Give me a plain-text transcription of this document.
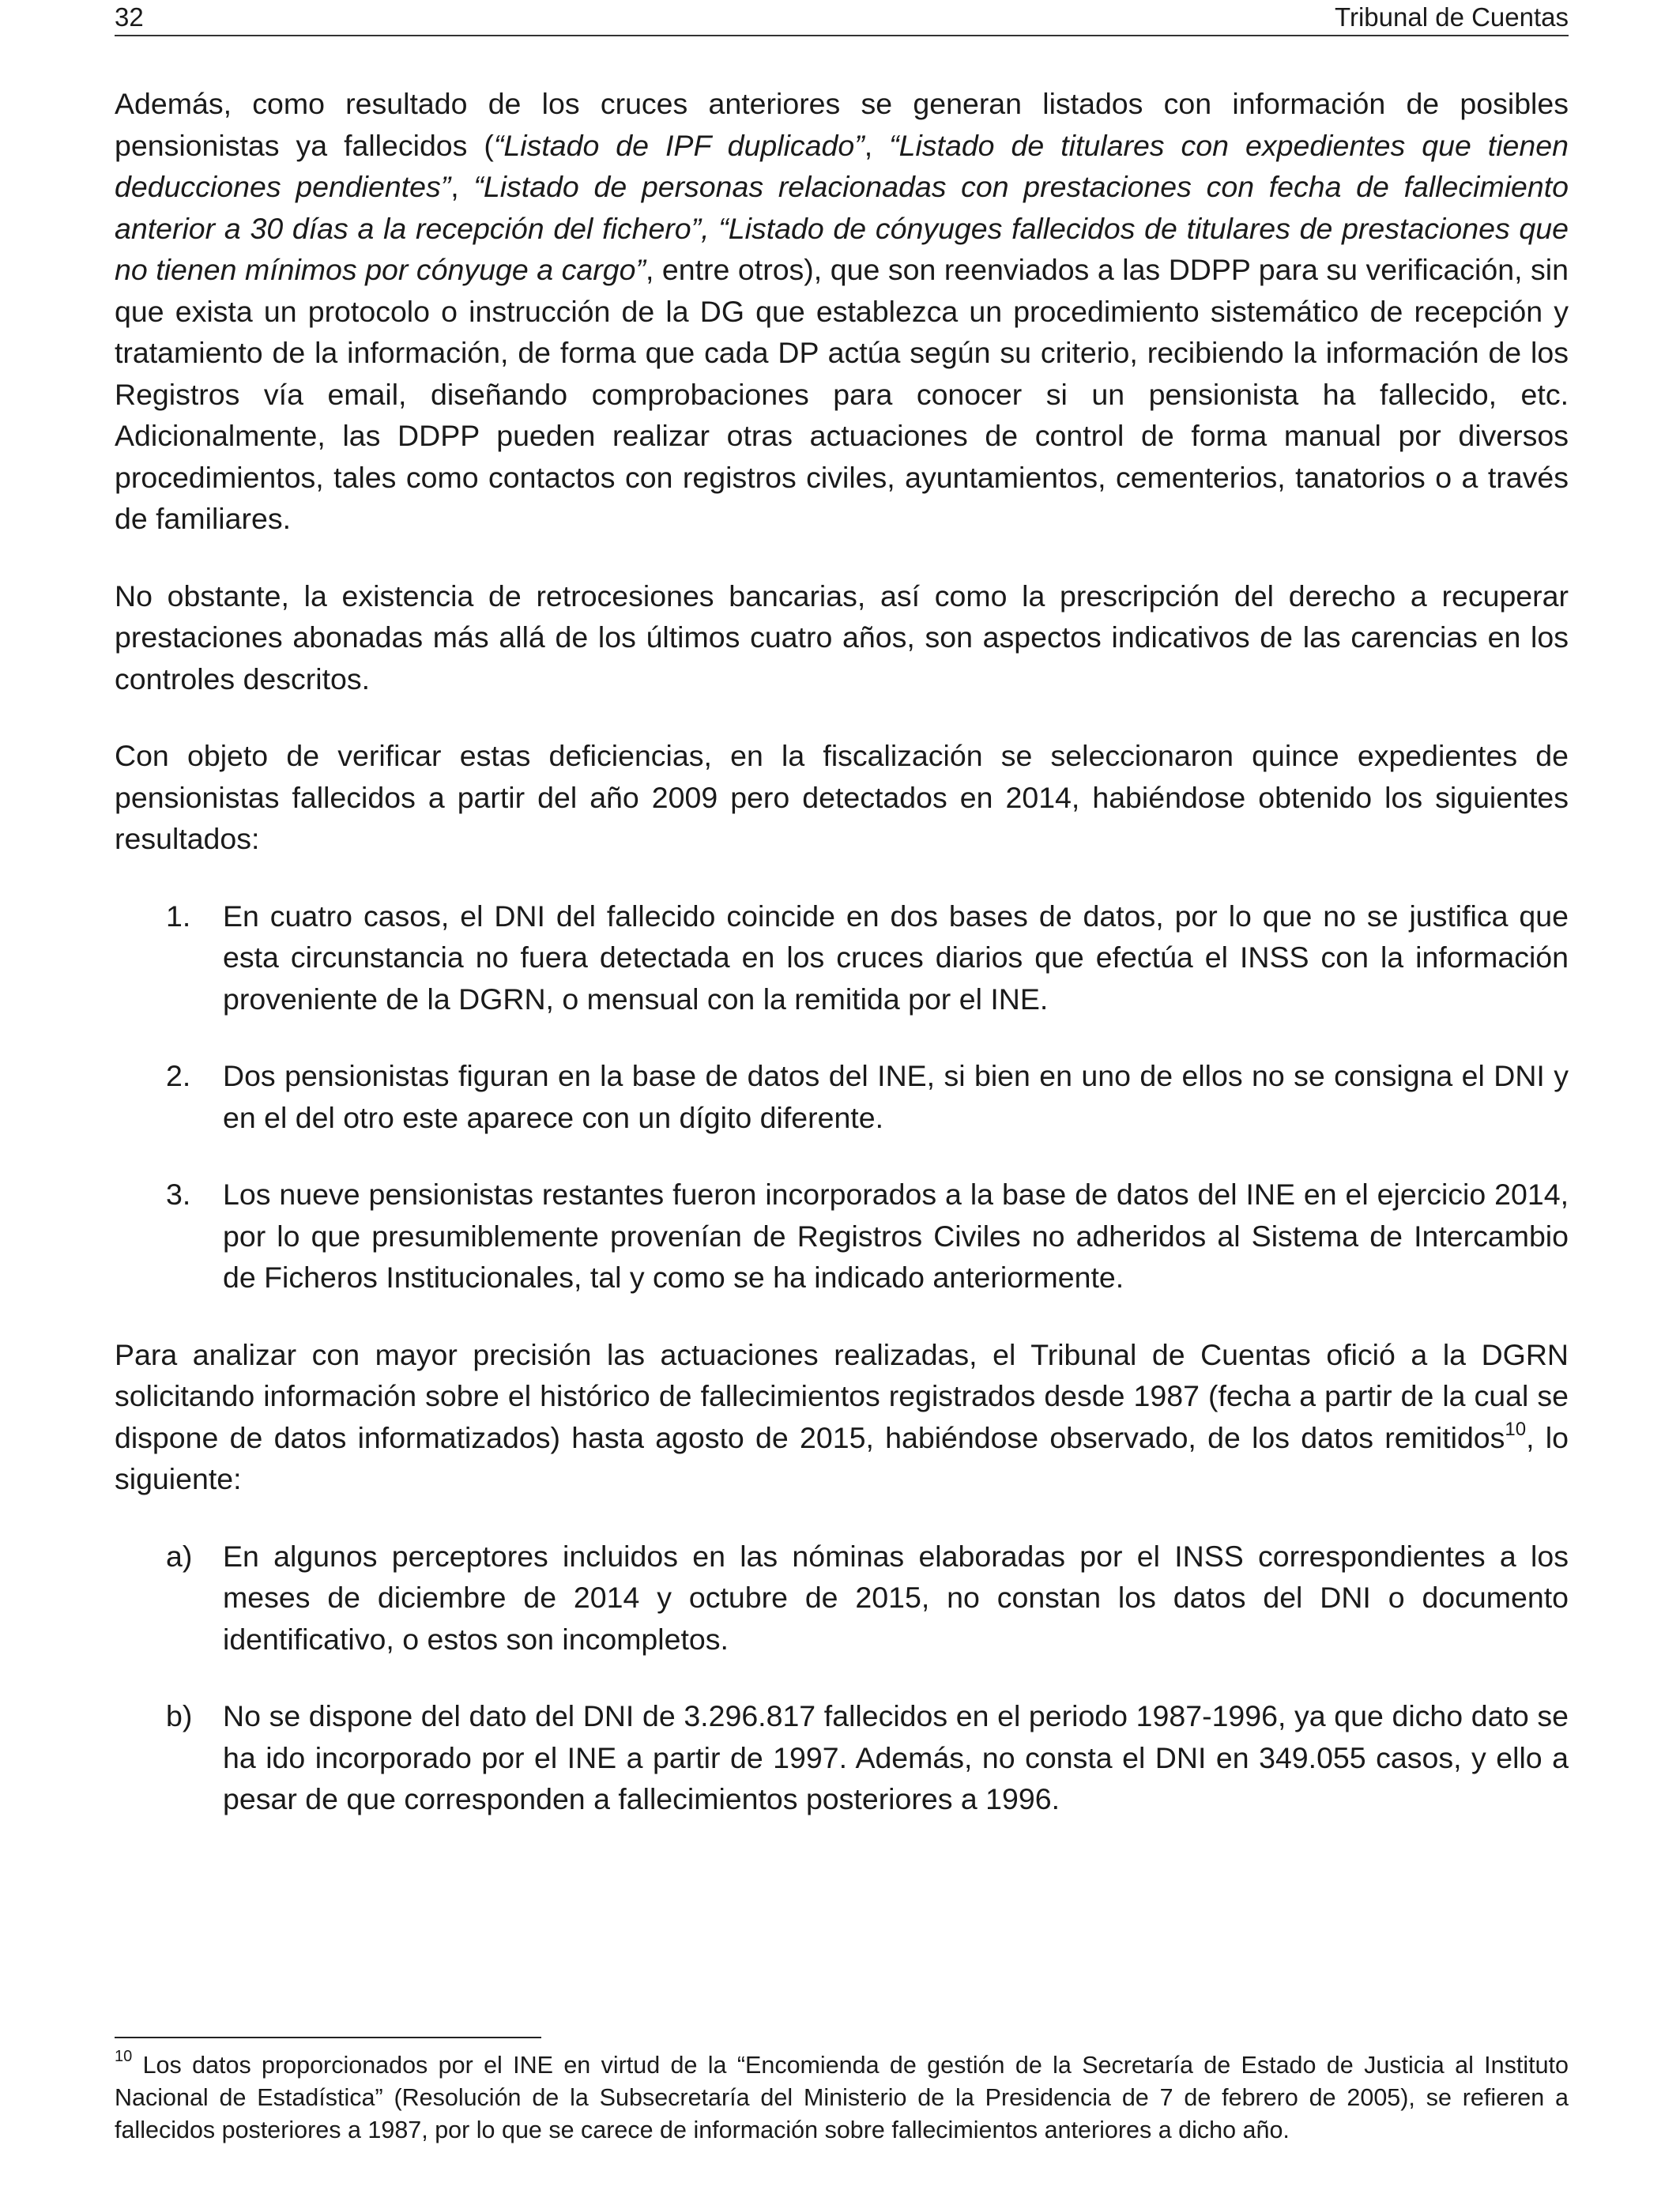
32	Tribunal de Cuentas

Además, como resultado de los cruces anteriores se generan listados con información de posibles pensionistas ya fallecidos (“Listado de IPF duplicado”, “Listado de titulares con expedientes que tienen deducciones pendientes”, “Listado de personas relacionadas con prestaciones con fecha de fallecimiento anterior a 30 días a la recepción del fichero”, “Listado de cónyuges fallecidos de titulares de prestaciones que no tienen mínimos por cónyuge a cargo”, entre otros), que son reenviados a las DDPP para su verificación, sin que exista un protocolo o instrucción de la DG que establezca un procedimiento sistemático de recepción y tratamiento de la información, de forma que cada DP actúa según su criterio, recibiendo la información de los Registros vía email, diseñando comprobaciones para conocer si un pensionista ha fallecido, etc. Adicionalmente, las DDPP pueden realizar otras actuaciones de control de forma manual por diversos procedimientos, tales como contactos con registros civiles, ayuntamientos, cementerios, tanatorios o a través de familiares.

No obstante, la existencia de retrocesiones bancarias, así como la prescripción del derecho a recuperar prestaciones abonadas más allá de los últimos cuatro años, son aspectos indicativos de las carencias en los controles descritos.

Con objeto de verificar estas deficiencias, en la fiscalización se seleccionaron quince expedientes de pensionistas fallecidos a partir del año 2009 pero detectados en 2014, habiéndose obtenido los siguientes resultados:

1. En cuatro casos, el DNI del fallecido coincide en dos bases de datos, por lo que no se justifica que esta circunstancia no fuera detectada en los cruces diarios que efectúa el INSS con la información proveniente de la DGRN, o mensual con la remitida por el INE.
2. Dos pensionistas figuran en la base de datos del INE, si bien en uno de ellos no se consigna el DNI y en el del otro este aparece con un dígito diferente.
3. Los nueve pensionistas restantes fueron incorporados a la base de datos del INE en el ejercicio 2014, por lo que presumiblemente provenían de Registros Civiles no adheridos al Sistema de Intercambio de Ficheros Institucionales, tal y como se ha indicado anteriormente.

Para analizar con mayor precisión las actuaciones realizadas, el Tribunal de Cuentas ofició a la DGRN solicitando información sobre el histórico de fallecimientos registrados desde 1987 (fecha a partir de la cual se dispone de datos informatizados) hasta agosto de 2015, habiéndose observado, de los datos remitidos$^{10}$, lo siguiente:

a) En algunos perceptores incluidos en las nóminas elaboradas por el INSS correspondientes a los meses de diciembre de 2014 y octubre de 2015, no constan los datos del DNI o documento identificativo, o estos son incompletos.
b) No se dispone del dato del DNI de 3.296.817 fallecidos en el periodo 1987-1996, ya que dicho dato se ha ido incorporado por el INE a partir de 1997. Además, no consta el DNI en 349.055 casos, y ello a pesar de que corresponden a fallecimientos posteriores a 1996.
$^{10}$ Los datos proporcionados por el INE en virtud de la “Encomienda de gestión de la Secretaría de Estado de Justicia al Instituto Nacional de Estadística” (Resolución de la Subsecretaría del Ministerio de la Presidencia de 7 de febrero de 2005), se refieren a fallecidos posteriores a 1987, por lo que se carece de información sobre fallecimientos anteriores a dicho año.
